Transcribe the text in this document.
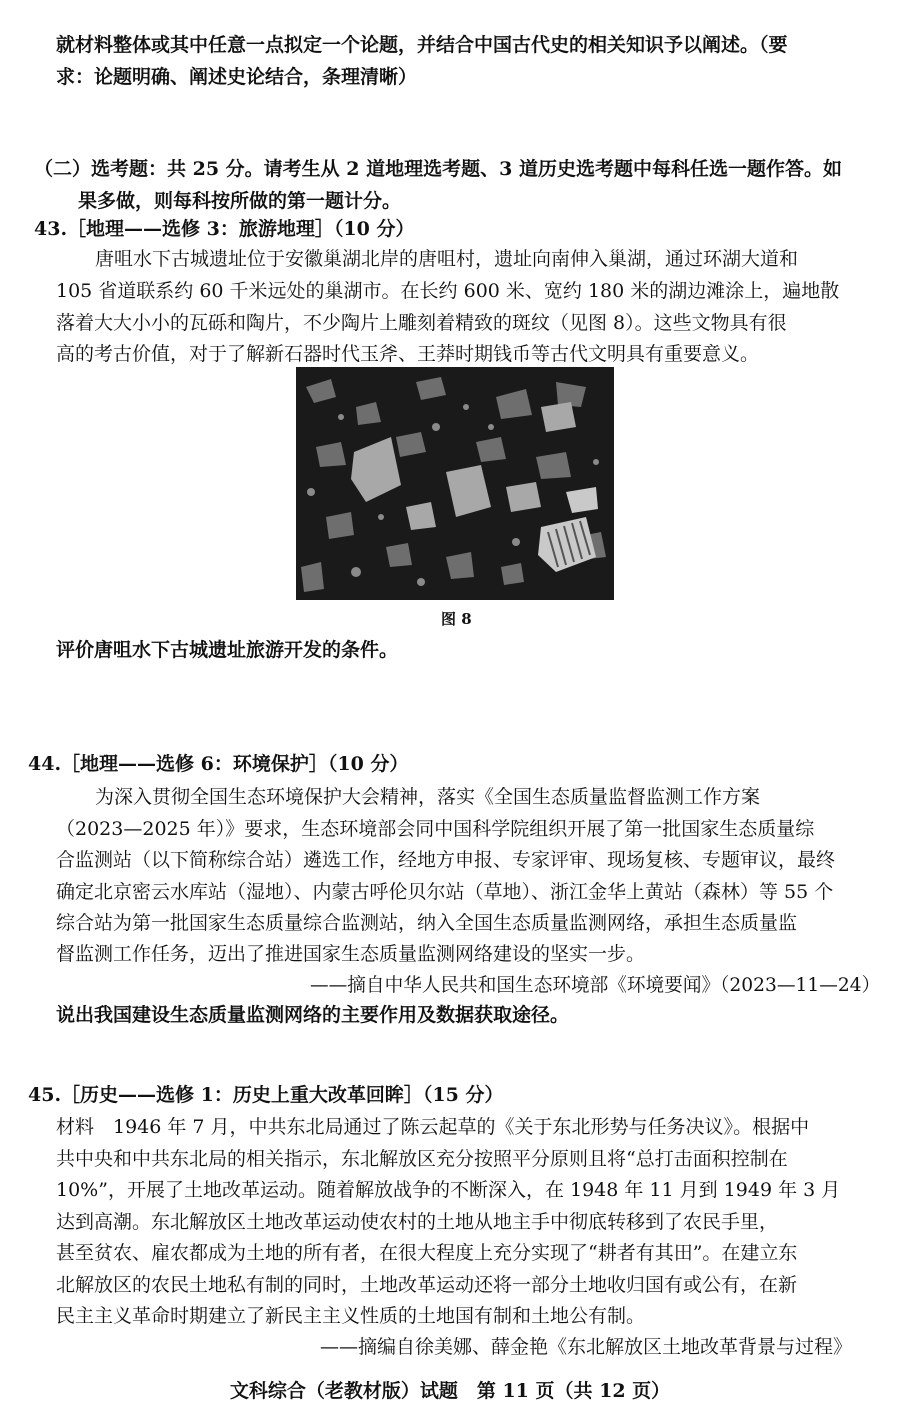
就材料整体或其中任意一点拟定一个论题，并结合中国古代史的相关知识予以阐述。（要
求：论题明确、阐述史论结合，条理清晰）
（二）选考题：共 25 分。请考生从 2 道地理选考题、3 道历史选考题中每科任选一题作答。如
果多做，则每科按所做的第一题计分。
43.［地理——选修 3：旅游地理］（10 分）
唐咀水下古城遗址位于安徽巢湖北岸的唐咀村，遗址向南伸入巢湖，通过环湖大道和
105 省道联系约 60 千米远处的巢湖市。在长约 600 米、宽约 180 米的湖边滩涂上，遍地散
落着大大小小的瓦砾和陶片，不少陶片上雕刻着精致的斑纹（见图 8）。这些文物具有很
高的考古价值，对于了解新石器时代玉斧、王莽时期钱币等古代文明具有重要意义。
图 8
评价唐咀水下古城遗址旅游开发的条件。
44.［地理——选修 6：环境保护］（10 分）
为深入贯彻全国生态环境保护大会精神，落实《全国生态质量监督监测工作方案
（2023—2025 年）》要求，生态环境部会同中国科学院组织开展了第一批国家生态质量综
合监测站（以下简称综合站）遴选工作，经地方申报、专家评审、现场复核、专题审议，最终
确定北京密云水库站（湿地）、内蒙古呼伦贝尔站（草地）、浙江金华上黄站（森林）等 55 个
综合站为第一批国家生态质量综合监测站，纳入全国生态质量监测网络，承担生态质量监
督监测工作任务，迈出了推进国家生态质量监测网络建设的坚实一步。
——摘自中华人民共和国生态环境部《环境要闻》（2023—11—24）
说出我国建设生态质量监测网络的主要作用及数据获取途径。
45.［历史——选修 1：历史上重大改革回眸］（15 分）
材料　1946 年 7 月，中共东北局通过了陈云起草的《关于东北形势与任务决议》。根据中
共中央和中共东北局的相关指示，东北解放区充分按照平分原则且将“总打击面积控制在
10%”，开展了土地改革运动。随着解放战争的不断深入，在 1948 年 11 月到 1949 年 3 月
达到高潮。东北解放区土地改革运动使农村的土地从地主手中彻底转移到了农民手里，
甚至贫农、雇农都成为土地的所有者，在很大程度上充分实现了“耕者有其田”。在建立东
北解放区的农民土地私有制的同时，土地改革运动还将一部分土地收归国有或公有，在新
民主主义革命时期建立了新民主主义性质的土地国有制和土地公有制。
——摘编自徐美娜、薛金艳《东北解放区土地改革背景与过程》
文科综合（老教材版）试题　第 11 页（共 12 页）
